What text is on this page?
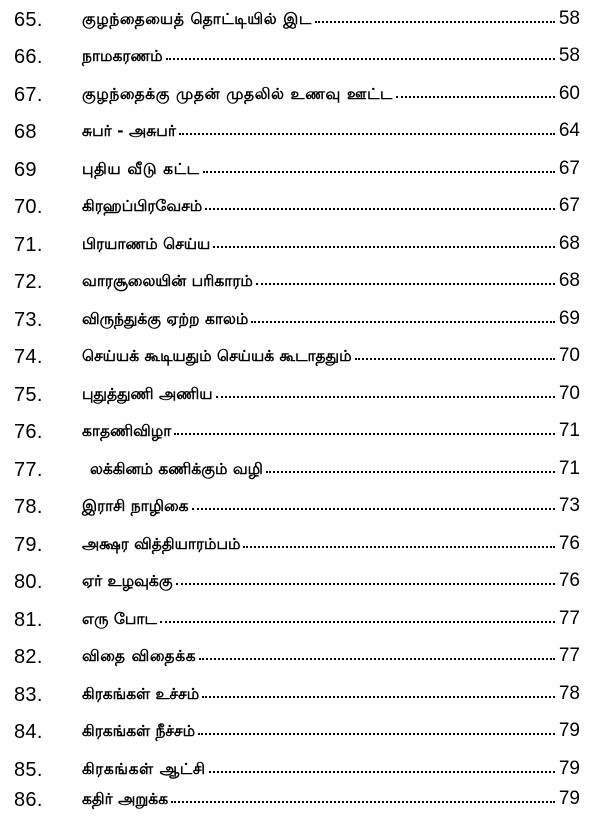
65.	குழந்தையைத் தொட்டியில் இட	58
66.	நாமகரணம்	58
67.	குழந்தைக்கு முதன் முதலில் உணவு ஊட்ட	60
68	சுபர் - அசுபர்	64
69	புதிய வீடு கட்ட	67
70.	கிரஹப்பிரவேசம்	67
71.	பிரயாணம் செய்ய	68
72.	வாரசூலையின் பரிகாரம்	68
73.	விருந்துக்கு ஏற்ற காலம்	69
74.	செய்யக் கூடியதும் செய்யக் கூடாததும்	70
75.	புதுத்துணி அணிய	70
76.	காதணிவிழா	71
77.	லக்கினம் கணிக்கும் வழி	71
78.	இராசி நாழிகை	73
79.	அக்ஷர வித்தியாரம்பம்	76
80.	ஏர் உழவுக்கு	76
81.	எரு போட	77
82.	விதை விதைக்க	77
83.	கிரகங்கள் உச்சம்	78
84.	கிரகங்கள் நீச்சம்	79
85.	கிரகங்கள் ஆட்சி	79
86.	கதிர் அறுக்க	79
